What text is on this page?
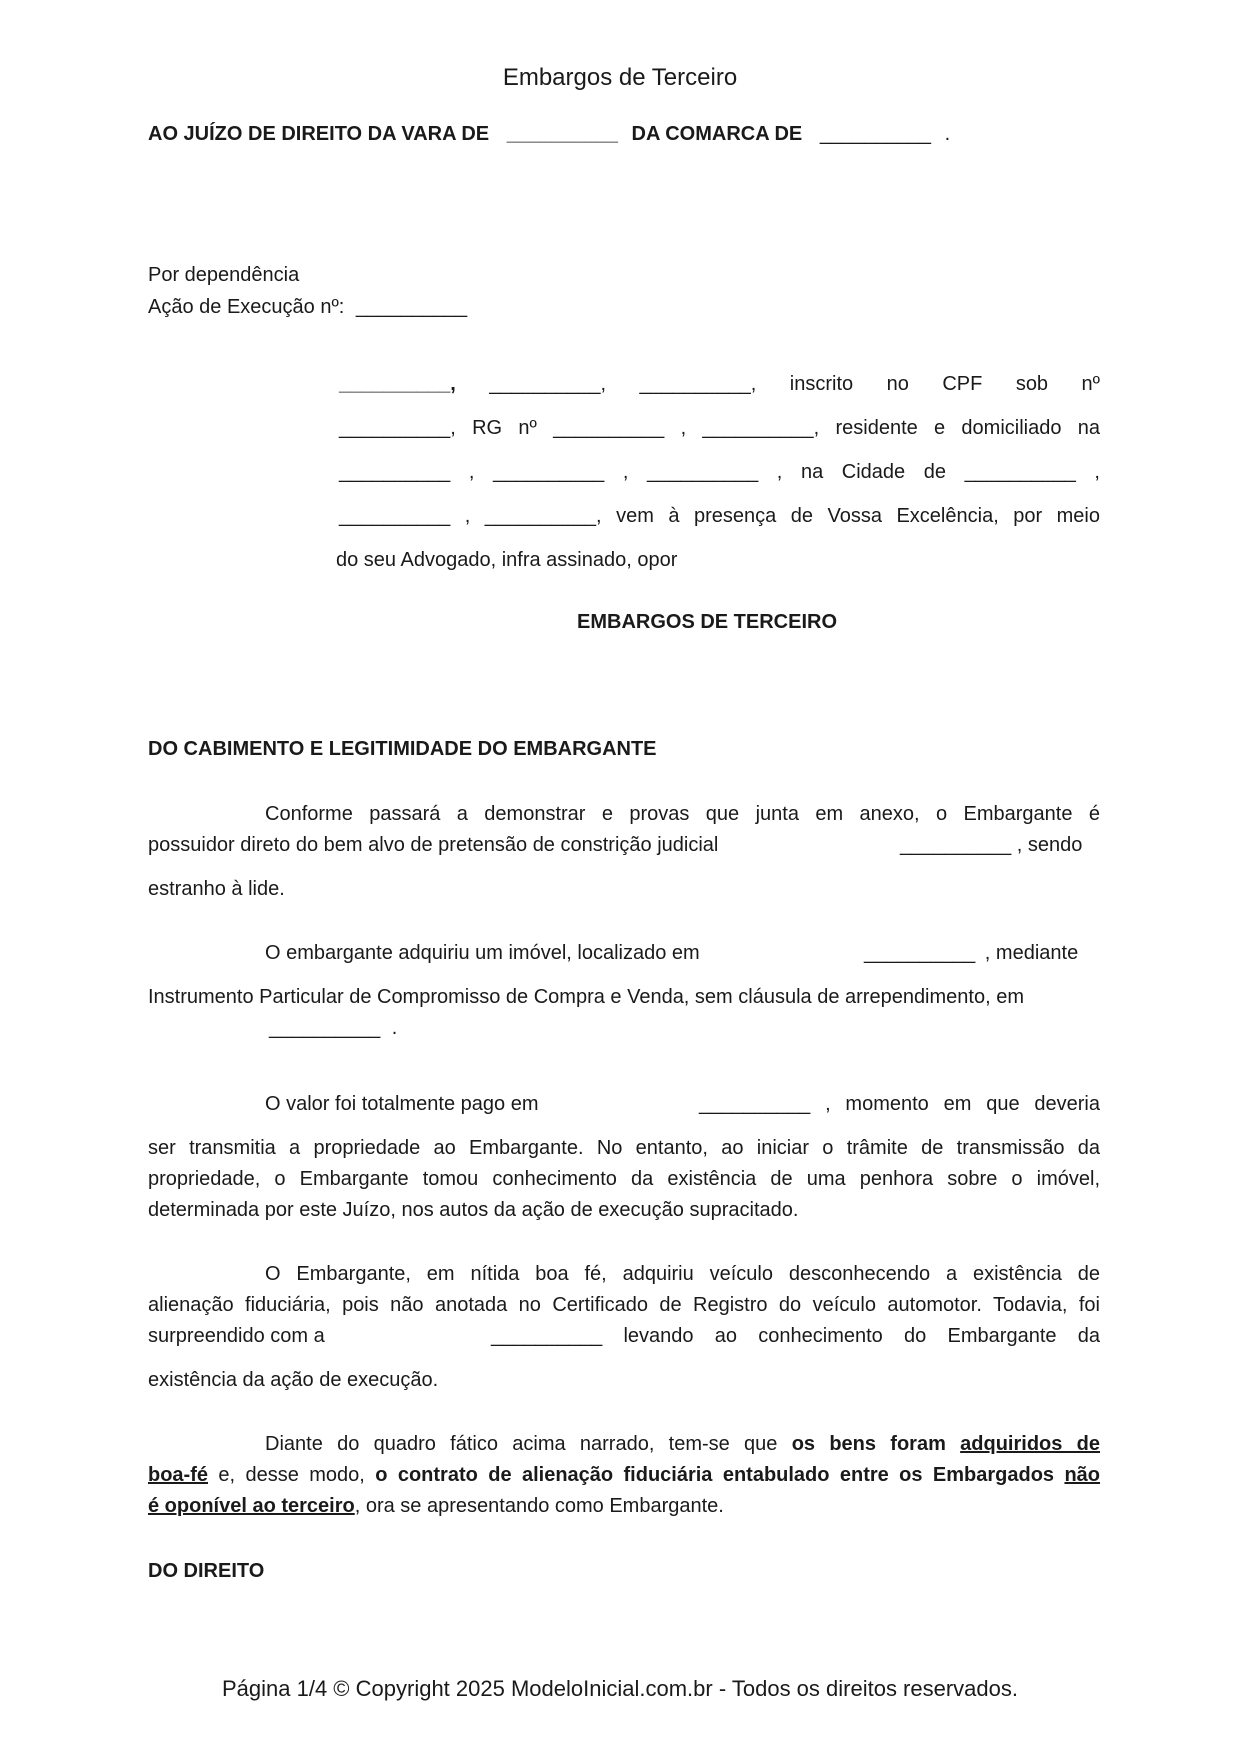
Embargos de Terceiro
AO JUÍZO DE DIREITO DA VARA DE __________ DA COMARCA DE __________ .
Por dependência
Ação de Execução nº: __________
__________, __________, __________, inscrito no CPF sob nº
__________, RG nº __________ , __________, residente e domiciliado na
__________ , __________ , __________ , na Cidade de __________ ,
__________ , __________, vem à presença de Vossa Excelência, por meio
do seu Advogado, infra assinado, opor
EMBARGOS DE TERCEIRO
DO CABIMENTO E LEGITIMIDADE DO EMBARGANTE
Conforme passará a demonstrar e provas que junta em anexo, o Embargante é
possuidor direto do bem alvo de pretensão de constrição judicial	__________ , sendo
estranho à lide.
O embargante adquiriu um imóvel, localizado em	__________ , mediante
Instrumento Particular de Compromisso de Compra e Venda, sem cláusula de arrependimento, em
__________ .
O valor foi totalmente pago em	__________ , momento em que deveria
ser transmitia a propriedade ao Embargante. No entanto, ao iniciar o trâmite de transmissão da
propriedade, o Embargante tomou conhecimento da existência de uma penhora sobre o imóvel,
determinada por este Juízo, nos autos da ação de execução supracitado.
O Embargante, em nítida boa fé, adquiriu veículo desconhecendo a existência de
alienação fiduciária, pois não anotada no Certificado de Registro do veículo automotor. Todavia, foi
surpreendido com a	__________ levando ao conhecimento do Embargante da
existência da ação de execução.
Diante do quadro fático acima narrado, tem-se que os bens foram adquiridos de
boa-fé e, desse modo, o contrato de alienação fiduciária entabulado entre os Embargados não
é oponível ao terceiro, ora se apresentando como Embargante.
DO DIREITO
Página 1/4 © Copyright 2025 ModeloInicial.com.br - Todos os direitos reservados.
